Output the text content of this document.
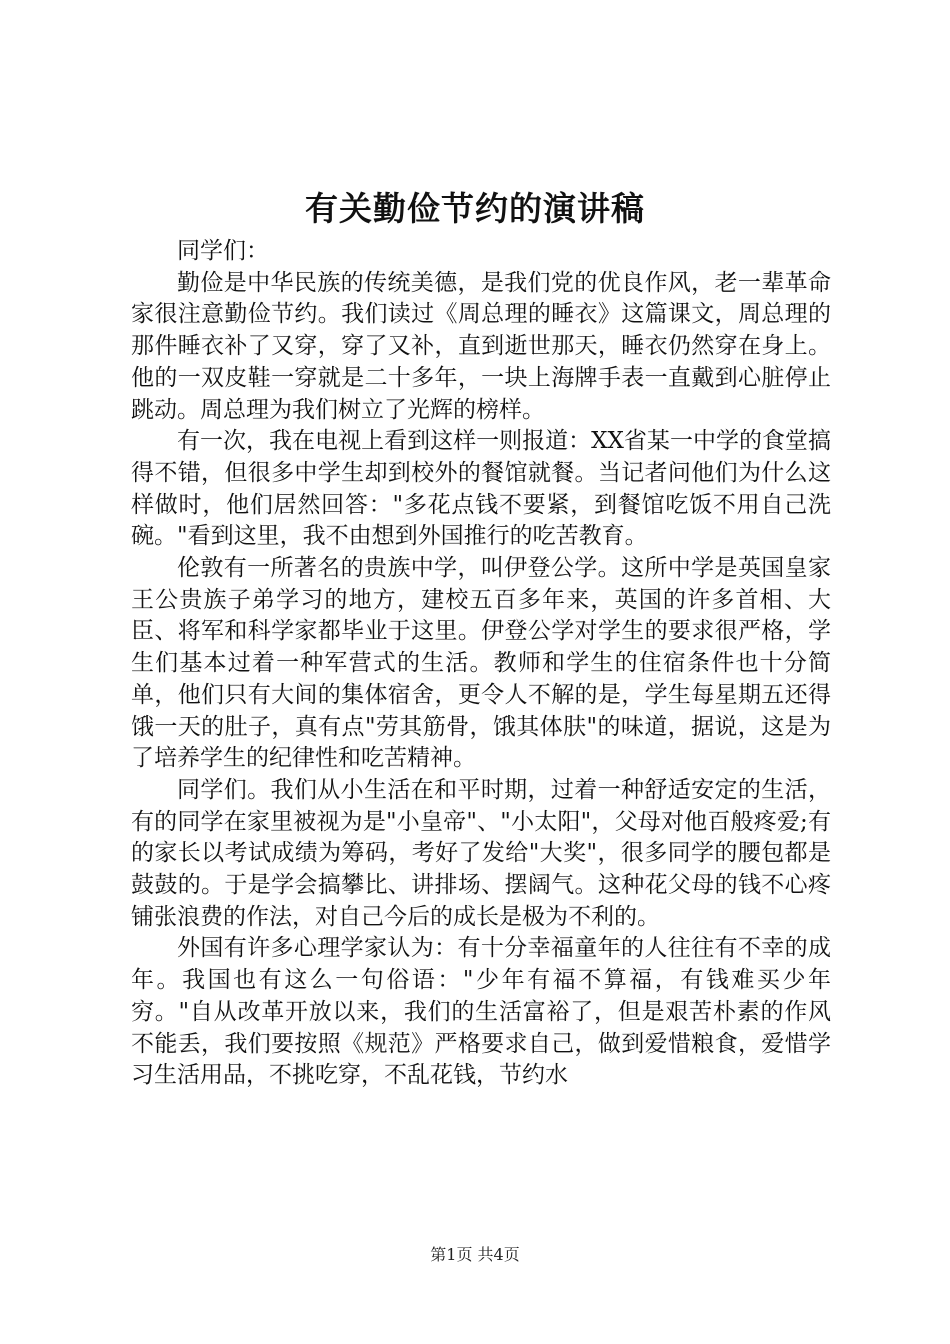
有关勤俭节约的演讲稿

同学们：

勤俭是中华民族的传统美德，是我们党的优良作风，老一辈革命家很注意勤俭节约。我们读过《周总理的睡衣》这篇课文，周总理的那件睡衣补了又穿，穿了又补，直到逝世那天，睡衣仍然穿在身上。他的一双皮鞋一穿就是二十多年，一块上海牌手表一直戴到心脏停止跳动。周总理为我们树立了光辉的榜样。

有一次，我在电视上看到这样一则报道：XX省某一中学的食堂搞得不错，但很多中学生却到校外的餐馆就餐。当记者问他们为什么这样做时，他们居然回答："多花点钱不要紧，到餐馆吃饭不用自己洗碗。"看到这里，我不由想到外国推行的吃苦教育。

伦敦有一所著名的贵族中学，叫伊登公学。这所中学是英国皇家王公贵族子弟学习的地方，建校五百多年来，英国的许多首相、大臣、将军和科学家都毕业于这里。伊登公学对学生的要求很严格，学生们基本过着一种军营式的生活。教师和学生的住宿条件也十分简单，他们只有大间的集体宿舍，更令人不解的是，学生每星期五还得饿一天的肚子，真有点"劳其筋骨，饿其体肤"的味道，据说，这是为了培养学生的纪律性和吃苦精神。

同学们。我们从小生活在和平时期，过着一种舒适安定的生活，有的同学在家里被视为是"小皇帝"、"小太阳"，父母对他百般疼爱;有的家长以考试成绩为筹码，考好了发给"大奖"，很多同学的腰包都是鼓鼓的。于是学会搞攀比、讲排场、摆阔气。这种花父母的钱不心疼铺张浪费的作法，对自己今后的成长是极为不利的。

外国有许多心理学家认为：有十分幸福童年的人往往有不幸的成年。我国也有这么一句俗语："少年有福不算福，有钱难买少年穷。"自从改革开放以来，我们的生活富裕了，但是艰苦朴素的作风不能丢，我们要按照《规范》严格要求自己，做到爱惜粮食，爱惜学习生活用品，不挑吃穿，不乱花钱，节约水

第1页 共4页
